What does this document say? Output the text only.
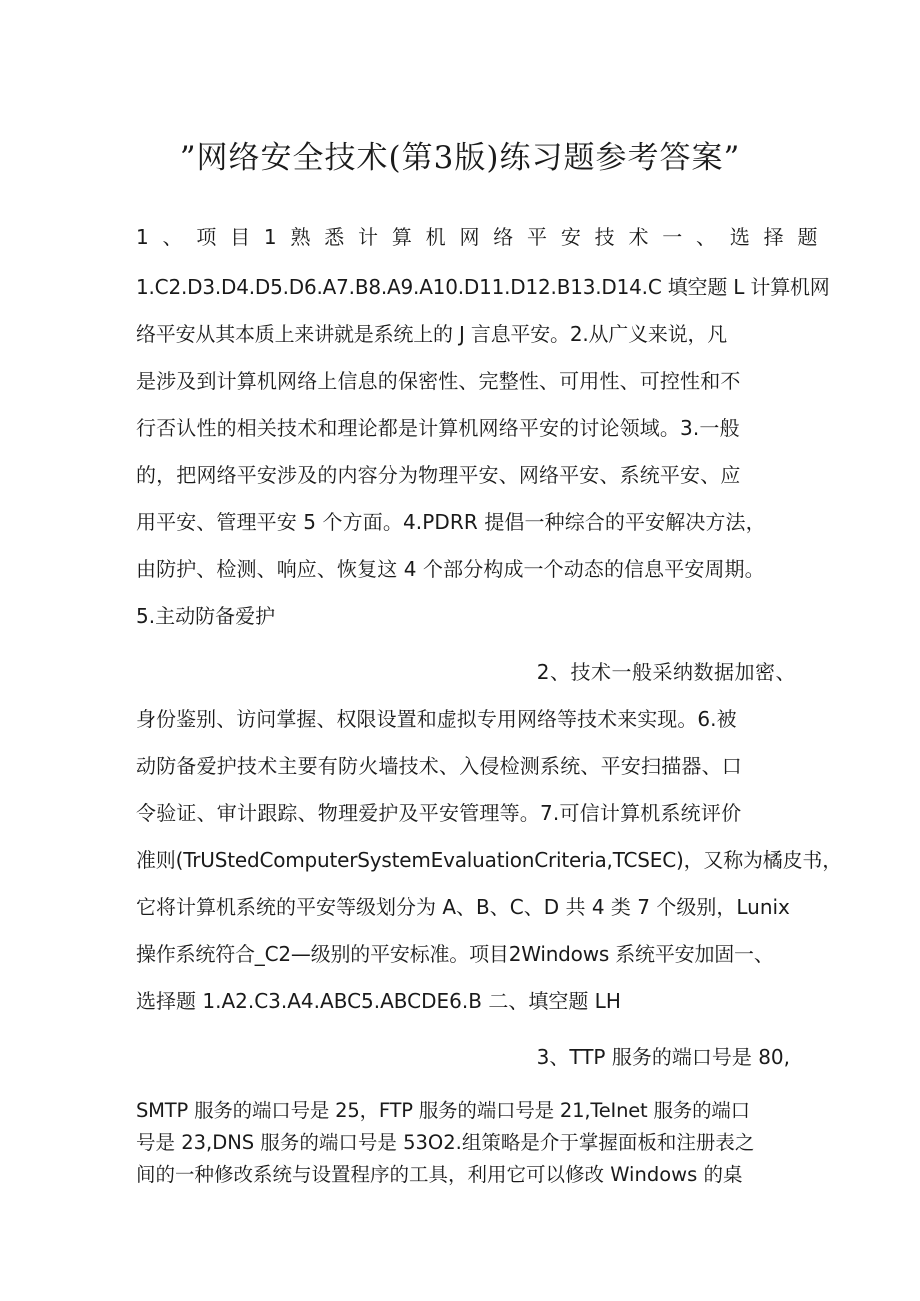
”网络安全技术(第3版)练习题参考答案”
1、项目1熟悉计算机网络平安技术一、选择题
1.C2.D3.D4.D5.D6.A7.B8.A9.A10.D11.D12.B13.D14.C 填空题 L 计算机网
络平安从其本质上来讲就是系统上的 J 言息平安。2.从广义来说，凡
是涉及到计算机网络上信息的保密性、完整性、可用性、可控性和不
行否认性的相关技术和理论都是计算机网络平安的讨论领域。3.一般
的，把网络平安涉及的内容分为物理平安、网络平安、系统平安、应
用平安、管理平安 5 个方面。4.PDRR 提倡一种综合的平安解决方法，
由防护、检测、响应、恢复这 4 个部分构成一个动态的信息平安周期。
5.主动防备爱护
2、技术一般采纳数据加密、
身份鉴别、访问掌握、权限设置和虚拟专用网络等技术来实现。6.被
动防备爱护技术主要有防火墙技术、入侵检测系统、平安扫描器、口
令验证、审计跟踪、物理爱护及平安管理等。7.可信计算机系统评价
准则(TrUStedComputerSystemEvaluationCriteria,TCSEC)，又称为橘皮书，
它将计算机系统的平安等级划分为 A、B、C、D 共 4 类 7 个级别，Lunix
操作系统符合_C2—级别的平安标准。项目2Windows 系统平安加固一、
选择题 1.A2.C3.A4.ABC5.ABCDE6.B 二、填空题 LH
3、TTP 服务的端口号是 80,
SMTP 服务的端口号是 25，FTP 服务的端口号是 21,TeInet 服务的端口
号是 23,DNS 服务的端口号是 53O2.组策略是介于掌握面板和注册表之
间的一种修改系统与设置程序的工具，利用它可以修改 Windows 的桌
